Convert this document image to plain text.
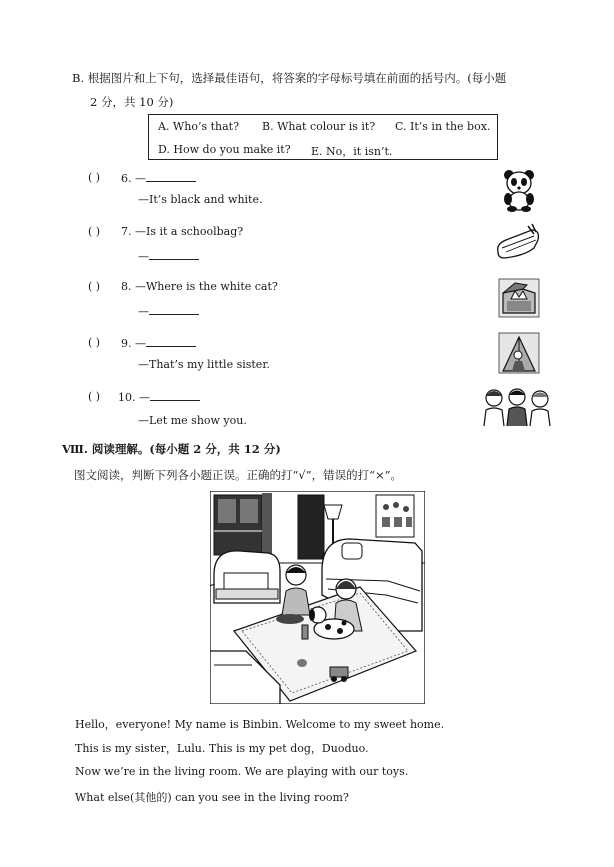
B. 根据图片和上下句，选择最佳语句，将答案的字母标号填在前面的括号内。(每小题
2 分，共 10 分)
A. Who’s that? B. What colour is it? C. It’s in the box.
D. How do you make it? E. No，it isn’t.
( ) 6. —
—It’s black and white.
( ) 7. —Is it a schoolbag?
—
( ) 8. —Where is the white cat?
—
( ) 9. —
—That’s my little sister.
( ) 10. —
—Let me show you.
Ⅷ. 阅读理解。(每小题 2 分，共 12 分)
图文阅读，判断下列各小题正误。正确的打“√”，错误的打“×”。
Hello，everyone! My name is Binbin. Welcome to my sweet home.
This is my sister，Lulu. This is my pet dog，Duoduo.
Now we’re in the living room. We are playing with our toys.
What else(其他的) can you see in the living room?
